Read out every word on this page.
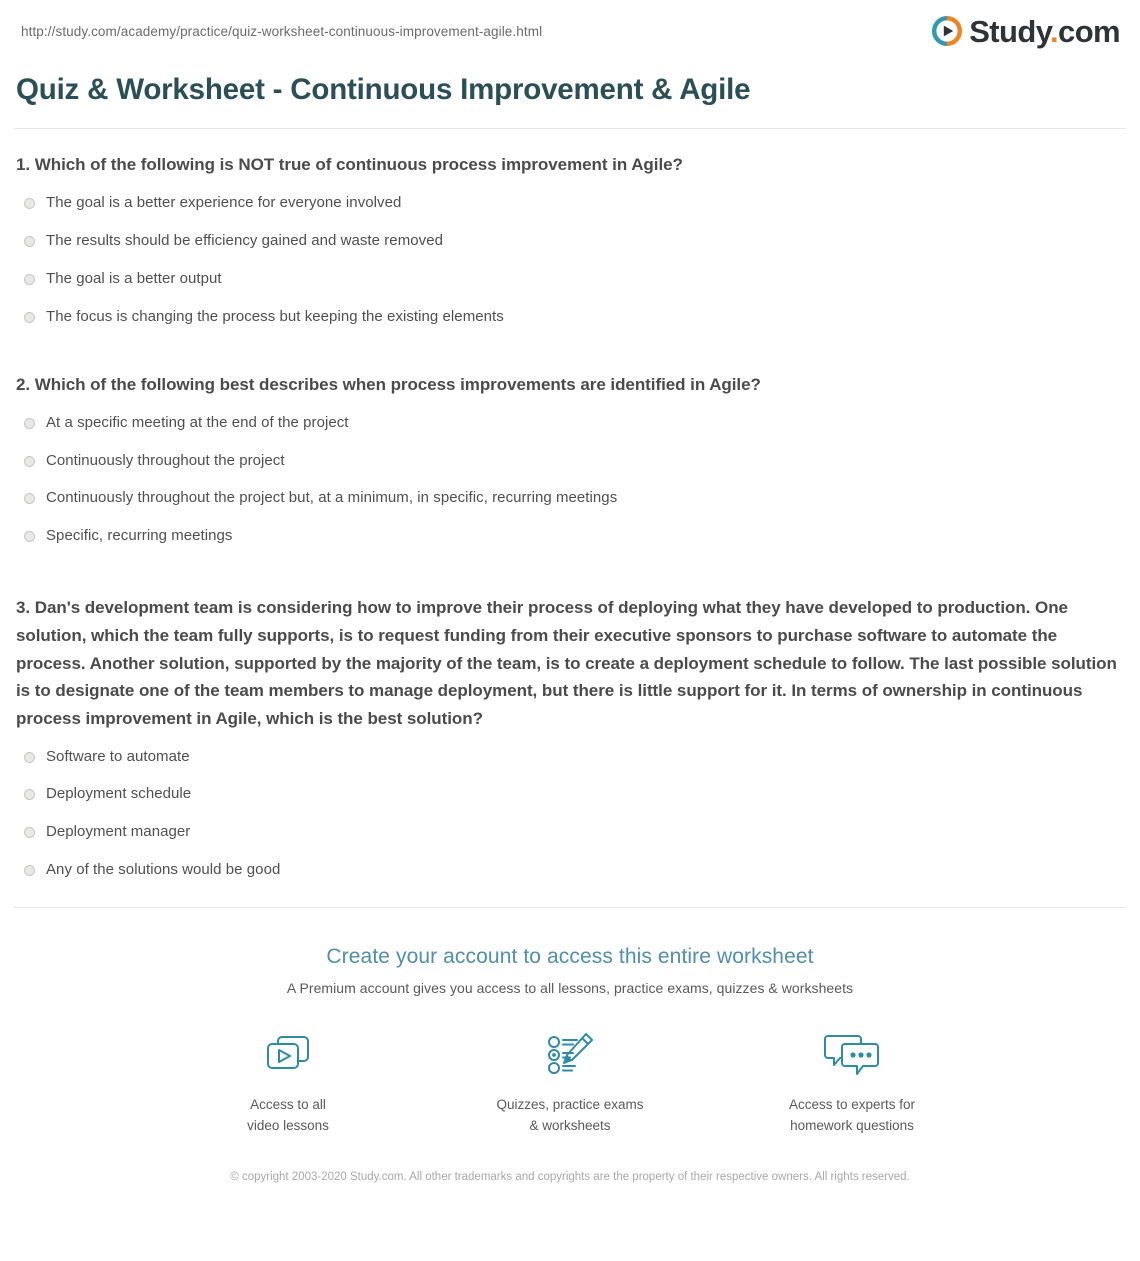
http://study.com/academy/practice/quiz-worksheet-continuous-improvement-agile.html	Study.com
Quiz & Worksheet - Continuous Improvement & Agile

1. Which of the following is NOT true of continuous process improvement in Agile?

The goal is a better experience for everyone involved
The results should be efficiency gained and waste removed
The goal is a better output
The focus is changing the process but keeping the existing elements

2. Which of the following best describes when process improvements are identified in Agile?

At a specific meeting at the end of the project
Continuously throughout the project
Continuously throughout the project but, at a minimum, in specific, recurring meetings
Specific, recurring meetings

3. Dan's development team is considering how to improve their process of deploying what they have developed to production. One solution, which the team fully supports, is to request funding from their executive sponsors to purchase software to automate the process. Another solution, supported by the majority of the team, is to create a deployment schedule to follow. The last possible solution is to designate one of the team members to manage deployment, but there is little support for it. In terms of ownership in continuous process improvement in Agile, which is the best solution?

Software to automate
Deployment schedule
Deployment manager
Any of the solutions would be good
Create your account to access this entire worksheet
A Premium account gives you access to all lessons, practice exams, quizzes & worksheets
Access to all
video lessons
Quizzes, practice exams
& worksheets
Access to experts for
homework questions
© copyright 2003-2020 Study.com. All other trademarks and copyrights are the property of their respective owners. All rights reserved.
